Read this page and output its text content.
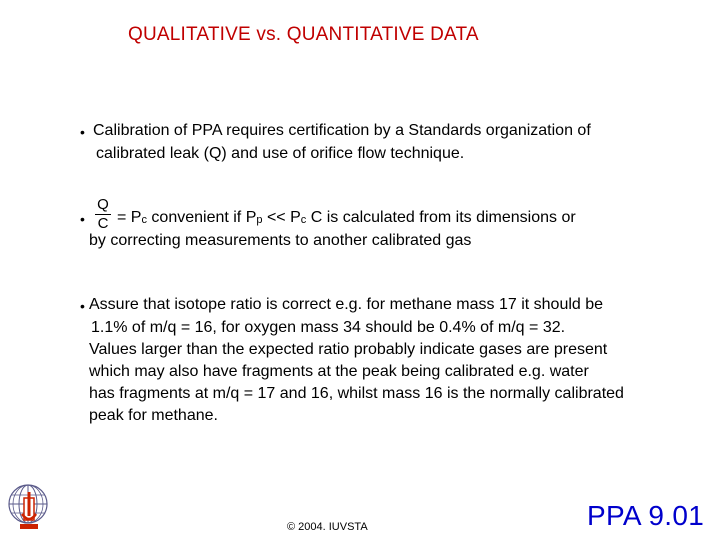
QUALITATIVE vs. QUANTITATIVE DATA
• Calibration of PPA requires certification by a Standards organization of
calibrated leak (Q) and use of orifice flow technique.
•
Q
$C = P_c$ convenient if $P_p << P_c$ C is calculated from its dimensions or
by correcting measurements to another calibrated gas
• Assure that isotope ratio is correct e.g. for methane mass 17 it should be
1.1% of m/q = 16, for oxygen mass 34 should be 0.4% of m/q = 32.
Values larger than the expected ratio probably indicate gases are present
which may also have fragments at the peak being calibrated e.g. water
has fragments at m/q = 17 and 16, whilst mass 16 is the normally calibrated
peak for methane.
© 2004. IUVSTA	PPA 9.01
